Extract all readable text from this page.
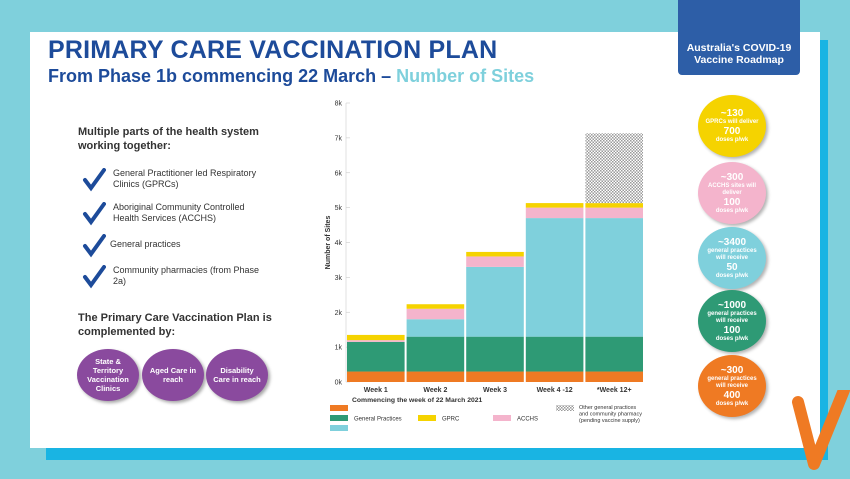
PRIMARY CARE VACCINATION PLAN
From Phase 1b commencing 22 March – Number of Sites
Australia's COVID-19
Vaccine Roadmap
Multiple parts of the health system working together:
General Practitioner led Respiratory Clinics (GPRCs)
Aboriginal Community Controlled Health Services (ACCHS)
General practices
Community pharmacies (from Phase 2a)
The Primary Care Vaccination Plan is complemented by:
State & Territory Vaccination Clinics
Aged Care in reach
Disability Care in reach
~130
GPRCs will deliver
700
doses p/wk
~300
ACCHS sites will deliver
100
doses p/wk
~3400
general practices will receive
50
doses p/wk
~1000
general practices will receive
100
doses p/wk
~300
general practices will receive
400
doses p/wk
0k
1k
2k
3k
4k
5k
6k
7k
8k
Number of Sites
Week 1	Week 2	Week 3	Week 4 -12	*Week 12+
Commencing the week of 22 March 2021
General Practices	GPRC	ACCHS
Other general practices and community pharmacy (pending vaccine supply)
